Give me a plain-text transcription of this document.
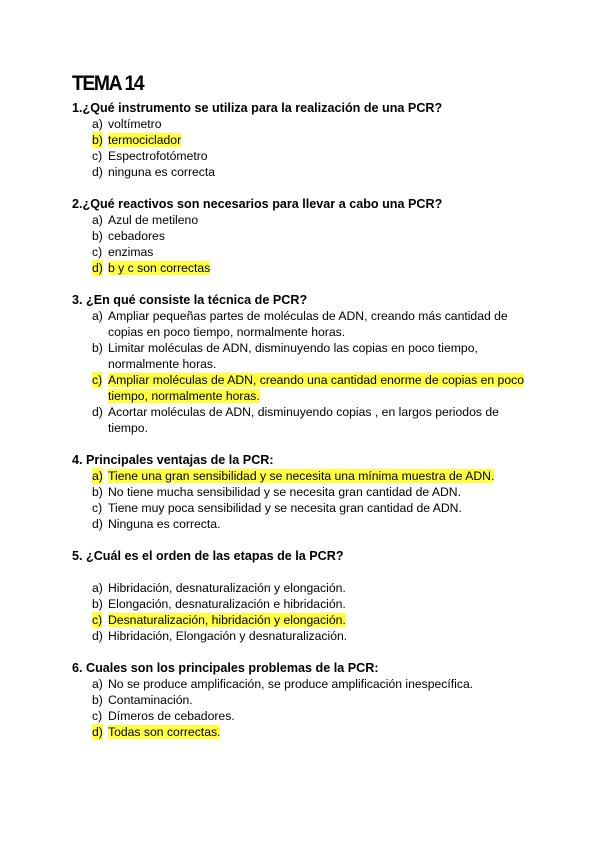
TEMA 14
1.¿Qué instrumento se utiliza para la realización de una PCR?
a) voltímetro
b) termociclador
c) Espectrofotómetro
d) ninguna es correcta
2.¿Qué reactivos son necesarios para llevar a cabo una PCR?
a) Azul de metileno
b) cebadores
c) enzimas
d) b y c son correctas
3. ¿En qué consiste la técnica de PCR?
a) Ampliar pequeñas partes de moléculas de ADN, creando más cantidad de copias en poco tiempo, normalmente horas.
b) Limitar moléculas de ADN, disminuyendo las copias en poco tiempo, normalmente horas.
c) Ampliar moléculas de ADN, creando una cantidad enorme de copias en poco tiempo, normalmente horas.
d) Acortar moléculas de ADN, disminuyendo copias , en largos periodos de tiempo.
4. Principales ventajas de la PCR:
a) Tiene una gran sensibilidad y se necesita una mínima muestra de ADN.
b) No tiene mucha sensibilidad y se necesita gran cantidad de ADN.
c) Tiene muy poca sensibilidad y se necesita gran cantidad de ADN.
d) Ninguna es correcta.
5. ¿Cuál es el orden de las etapas de la PCR?
a) Hibridación, desnaturalización y elongación.
b) Elongación, desnaturalización e hibridación.
c) Desnaturalización, hibridación y elongación.
d) Hibridación, Elongación y desnaturalización.
6. Cuales son los principales problemas de la PCR:
a) No se produce amplificación, se produce amplificación inespecífica.
b) Contaminación.
c) Dímeros de cebadores.
d) Todas son correctas.
